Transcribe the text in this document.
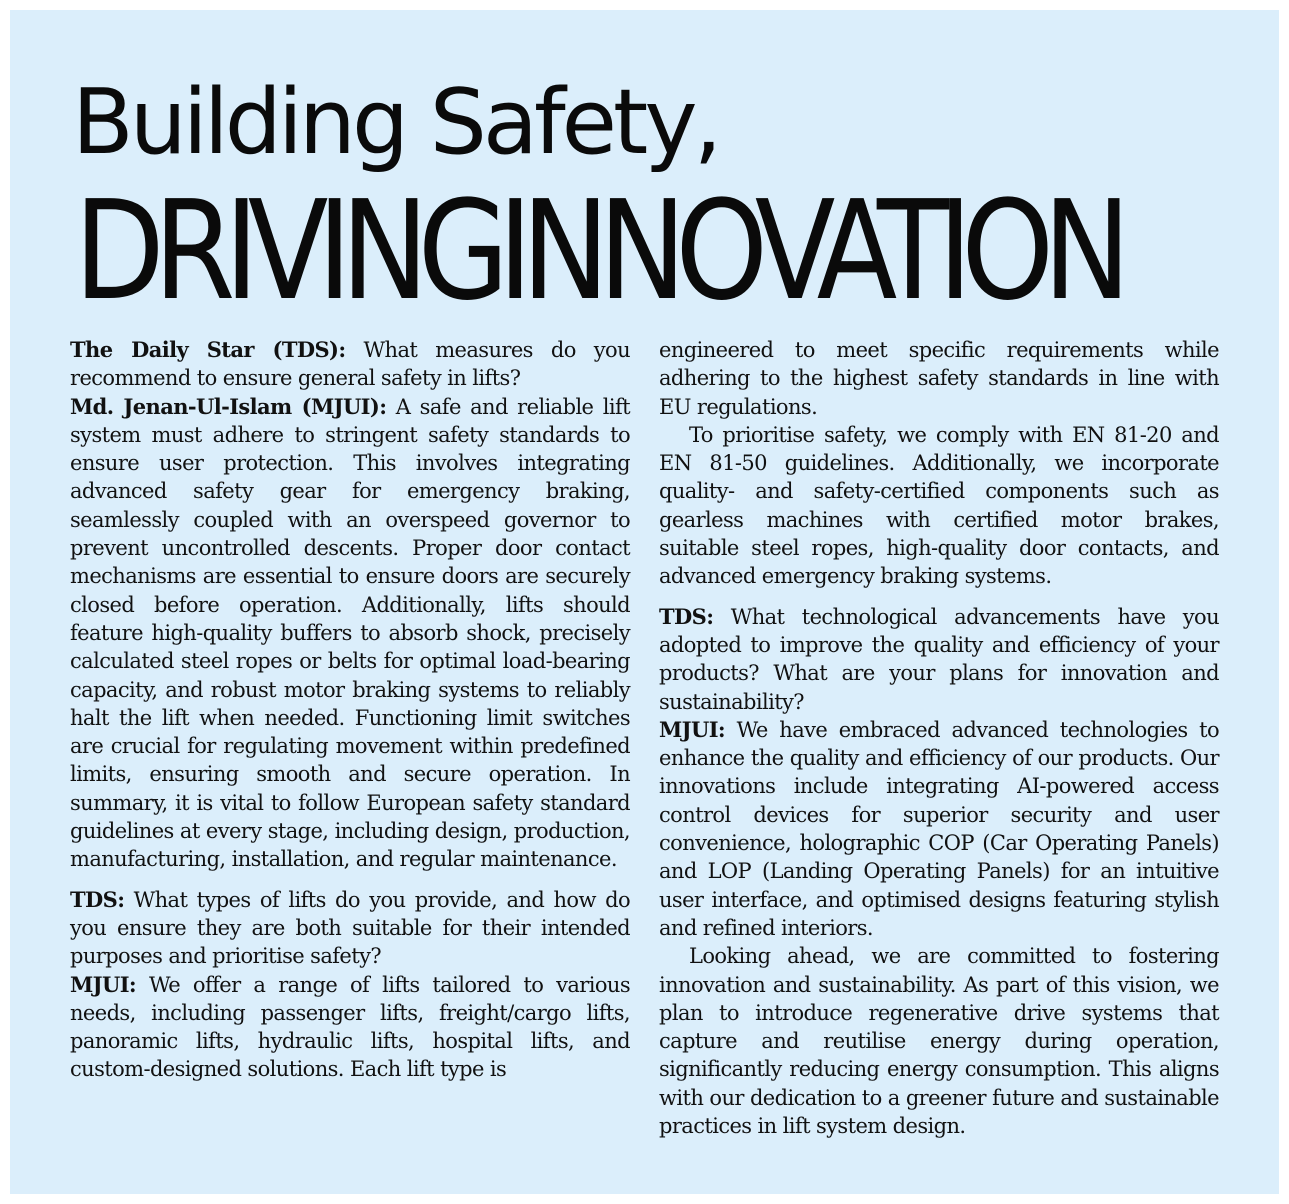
Building Safety,
DRIVINGINNOVATION

The Daily Star (TDS): What measures do you recommend to ensure general safety in lifts?

Md. Jenan-Ul-Islam (MJUI): A safe and reliable lift system must adhere to stringent safety standards to ensure user protection. This involves integrating advanced safety gear for emergency braking, seamlessly coupled with an overspeed governor to prevent uncontrolled descents. Proper door contact mechanisms are essential to ensure doors are securely closed before operation. Additionally, lifts should feature high-quality buffers to absorb shock, precisely calculated steel ropes or belts for optimal load-bearing capacity, and robust motor braking systems to reliably halt the lift when needed. Functioning limit switches are crucial for regulating movement within predefined limits, ensuring smooth and secure operation. In summary, it is vital to follow European safety standard guidelines at every stage, including design, production, manufacturing, installation, and regular maintenance.

TDS: What types of lifts do you provide, and how do you ensure they are both suitable for their intended purposes and prioritise safety?

MJUI: We offer a range of lifts tailored to various needs, including passenger lifts, freight/cargo lifts, panoramic lifts, hydraulic lifts, hospital lifts, and custom-designed solutions. Each lift type is

engineered to meet specific requirements while adhering to the highest safety standards in line with EU regulations.

To prioritise safety, we comply with EN 81-20 and EN 81-50 guidelines. Additionally, we incorporate quality- and safety-certified components such as gearless machines with certified motor brakes, suitable steel ropes, high-quality door contacts, and advanced emergency braking systems.

TDS: What technological advancements have you adopted to improve the quality and efficiency of your products? What are your plans for innovation and sustainability?

MJUI: We have embraced advanced technologies to enhance the quality and efficiency of our products. Our innovations include integrating AI-powered access control devices for superior security and user convenience, holographic COP (Car Operating Panels) and LOP (Landing Operating Panels) for an intuitive user interface, and optimised designs featuring stylish and refined interiors.

Looking ahead, we are committed to fostering innovation and sustainability. As part of this vision, we plan to introduce regenerative drive systems that capture and reutilise energy during operation, significantly reducing energy consumption. This aligns with our dedication to a greener future and sustainable practices in lift system design.
